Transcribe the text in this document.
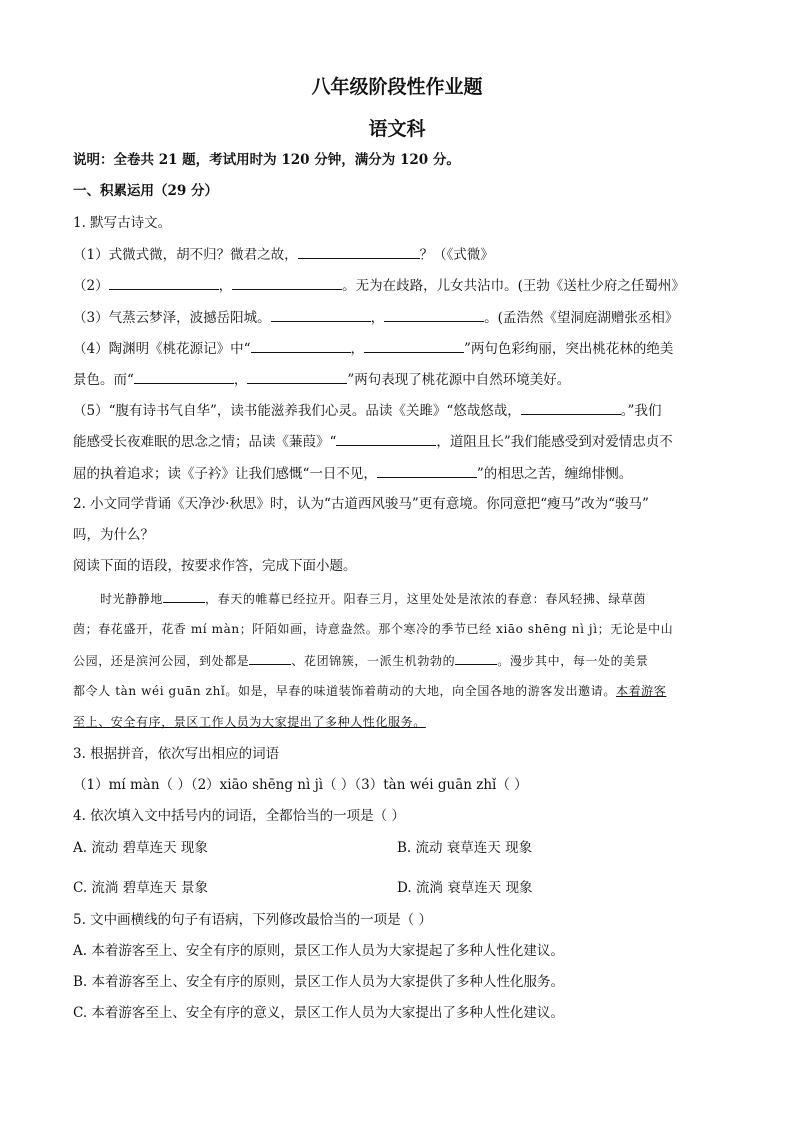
八年级阶段性作业题
语文科
说明：全卷共 21 题，考试用时为 120 分钟，满分为 120 分。
一、积累运用（29 分）
1. 默写古诗文。
（1）式微式微，胡不归？微君之故，	？（《式微》
（2）	，	。无为在歧路，儿女共沾巾。(王勃《送杜少府之任蜀州》
（3）气蒸云梦泽，波撼岳阳城。	，	。(孟浩然《望洞庭湖赠张丞相》
（4）陶渊明《桃花源记》中“	，	”两句色彩绚丽，突出桃花林的绝美
景色。而“	，	”两句表现了桃花源中自然环境美好。
（5）“腹有诗书气自华”，读书能滋养我们心灵。品读《关雎》“悠哉悠哉，	。”我们
能感受长夜难眠的思念之情；品读《蒹葭》“	，道阻且长”我们能感受到对爱情忠贞不
屈的执着追求；读《子衿》让我们感慨“一日不见，	”的相思之苦，缠绵悱恻。
2. 小文同学背诵《天净沙·秋思》时，认为“古道西风骏马”更有意境。你同意把“瘦马”改为“骏马”
吗，为什么？
阅读下面的语段，按要求作答，完成下面小题。
时光静静地	，春天的帷幕已经拉开。阳春三月，这里处处是浓浓的春意：春风轻拂、绿草茵
茵；春花盛开，花香 mí màn；阡陌如画，诗意盎然。那个寒冷的季节已经 xiāo shēng nì jì；无论是中山
公园，还是滨河公园，到处都是	、花团锦簇，一派生机勃勃的	。漫步其中，每一处的美景
都令人 tàn wéi guān zhǐ。如是，早春的味道装饰着萌动的大地，向全国各地的游客发出邀请。本着游客
至上、安全有序，景区工作人员为大家提出了多种人性化服务。
3. 根据拼音，依次写出相应的词语
（1）mí màn（ ）（2）xiāo shēng nì jì（ ）（3）tàn wéi guān zhǐ（ ）
4. 依次填入文中括号内的词语，全都恰当的一项是（ ）
A. 流动 碧草连天 现象	B. 流动 衰草连天 现象
C. 流淌 碧草连天 景象	D. 流淌 衰草连天 现象
5. 文中画横线的句子有语病，下列修改最恰当的一项是（ ）
A. 本着游客至上、安全有序的原则，景区工作人员为大家提起了多种人性化建议。
B. 本着游客至上、安全有序的原则，景区工作人员为大家提供了多种人性化服务。
C. 本着游客至上、安全有序的意义，景区工作人员为大家提出了多种人性化建议。
